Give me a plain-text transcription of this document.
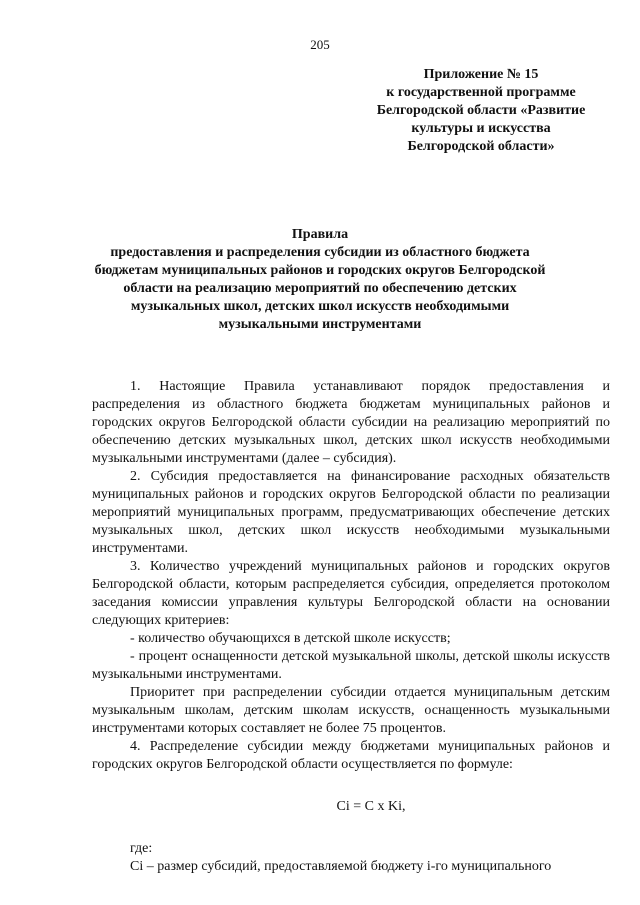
205
Приложение № 15
к государственной программе
Белгородской области «Развитие
культуры и искусства
Белгородской области»
Правила
предоставления и распределения субсидии из областного бюджета
бюджетам муниципальных районов и городских округов Белгородской
области на реализацию мероприятий по обеспечению детских
музыкальных школ, детских школ искусств необходимыми
музыкальными инструментами

1. Настоящие Правила устанавливают порядок предоставления и распределения из областного бюджета бюджетам муниципальных районов и городских округов Белгородской области субсидии на реализацию мероприятий по обеспечению детских музыкальных школ, детских школ искусств необходимыми музыкальными инструментами (далее – субсидия).

2. Субсидия предоставляется на финансирование расходных обязательств муниципальных районов и городских округов Белгородской области по реализации мероприятий муниципальных программ, предусматривающих обеспечение детских музыкальных школ, детских школ искусств необходимыми музыкальными инструментами.

3. Количество учреждений муниципальных районов и городских округов Белгородской области, которым распределяется субсидия, определяется протоколом заседания комиссии управления культуры Белгородской области на основании следующих критериев:

- количество обучающихся в детской школе искусств;

- процент оснащенности детской музыкальной школы, детской школы искусств музыкальными инструментами.

Приоритет при распределении субсидии отдается муниципальным детским музыкальным школам, детским школам искусств, оснащенность музыкальными инструментами которых составляет не более 75 процентов.

4. Распределение субсидии между бюджетами муниципальных районов и городских округов Белгородской области осуществляется по формуле:

Ci = C x Ki,

где:

Ci – размер субсидий, предоставляемой бюджету i-го муниципального
